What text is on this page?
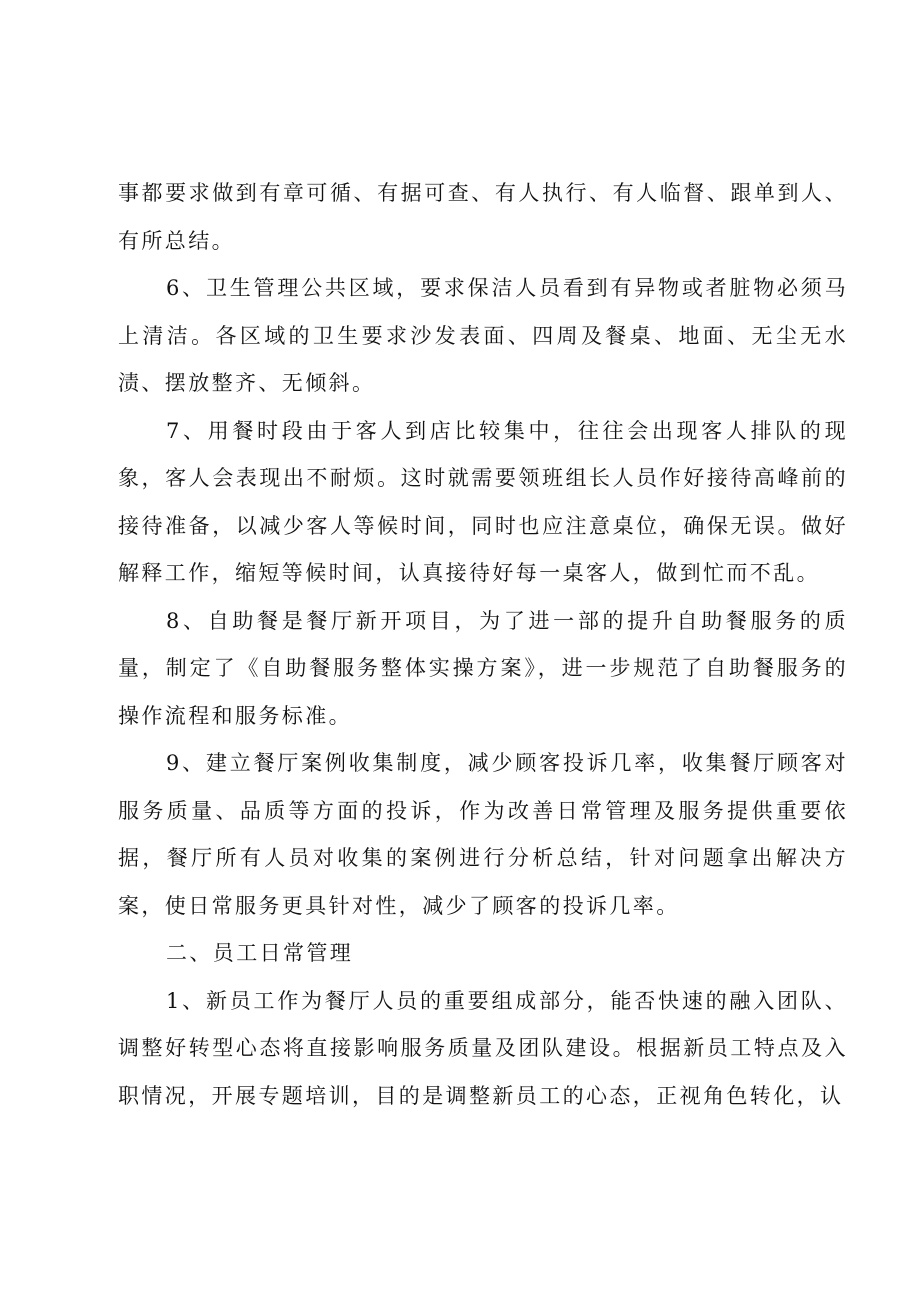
事都要求做到有章可循、有据可查、有人执行、有人临督、跟单到人、有所总结。

6、卫生管理公共区域，要求保洁人员看到有异物或者脏物必须马上清洁。各区域的卫生要求沙发表面、四周及餐桌、地面、无尘无水渍、摆放整齐、无倾斜。

7、用餐时段由于客人到店比较集中，往往会出现客人排队的现象，客人会表现出不耐烦。这时就需要领班组长人员作好接待高峰前的接待准备，以减少客人等候时间，同时也应注意桌位，确保无误。做好解释工作，缩短等候时间，认真接待好每一桌客人，做到忙而不乱。

8、自助餐是餐厅新开项目，为了进一部的提升自助餐服务的质量，制定了《自助餐服务整体实操方案》，进一步规范了自助餐服务的操作流程和服务标准。

9、建立餐厅案例收集制度，减少顾客投诉几率，收集餐厅顾客对服务质量、品质等方面的投诉，作为改善日常管理及服务提供重要依据，餐厅所有人员对收集的案例进行分析总结，针对问题拿出解决方案，使日常服务更具针对性，减少了顾客的投诉几率。

二、员工日常管理

1、新员工作为餐厅人员的重要组成部分，能否快速的融入团队、调整好转型心态将直接影响服务质量及团队建设。根据新员工特点及入职情况，开展专题培训，目的是调整新员工的心态，正视角色转化，认
